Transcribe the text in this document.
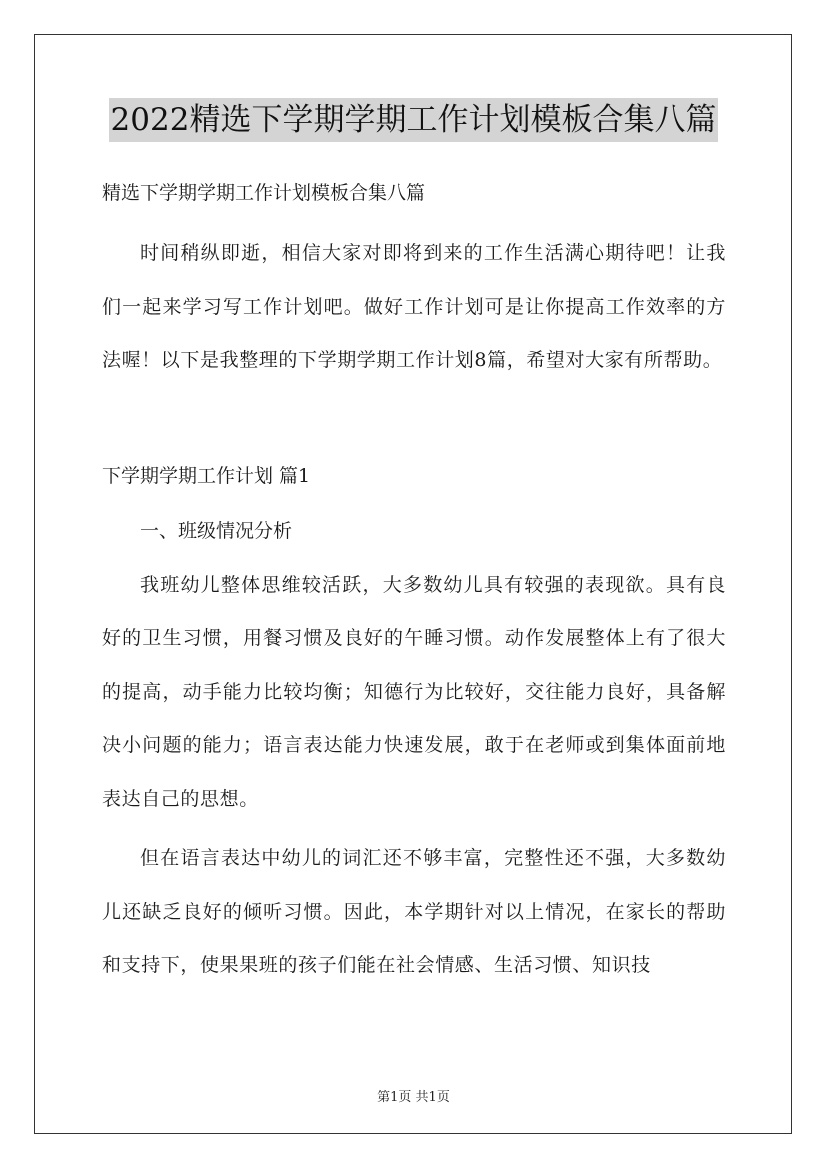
2022精选下学期学期工作计划模板合集八篇

精选下学期学期工作计划模板合集八篇

时间稍纵即逝，相信大家对即将到来的工作生活满心期待吧！让我们一起来学习写工作计划吧。做好工作计划可是让你提高工作效率的方法喔！以下是我整理的下学期学期工作计划8篇，希望对大家有所帮助。

下学期学期工作计划 篇1

一、班级情况分析

我班幼儿整体思维较活跃，大多数幼儿具有较强的表现欲。具有良好的卫生习惯，用餐习惯及良好的午睡习惯。动作发展整体上有了很大的提高，动手能力比较均衡；知德行为比较好，交往能力良好，具备解决小问题的能力；语言表达能力快速发展，敢于在老师或到集体面前地表达自己的思想。

但在语言表达中幼儿的词汇还不够丰富，完整性还不强，大多数幼儿还缺乏良好的倾听习惯。因此，本学期针对以上情况，在家长的帮助和支持下，使果果班的孩子们能在社会情感、生活习惯、知识技

第1页 共1页
